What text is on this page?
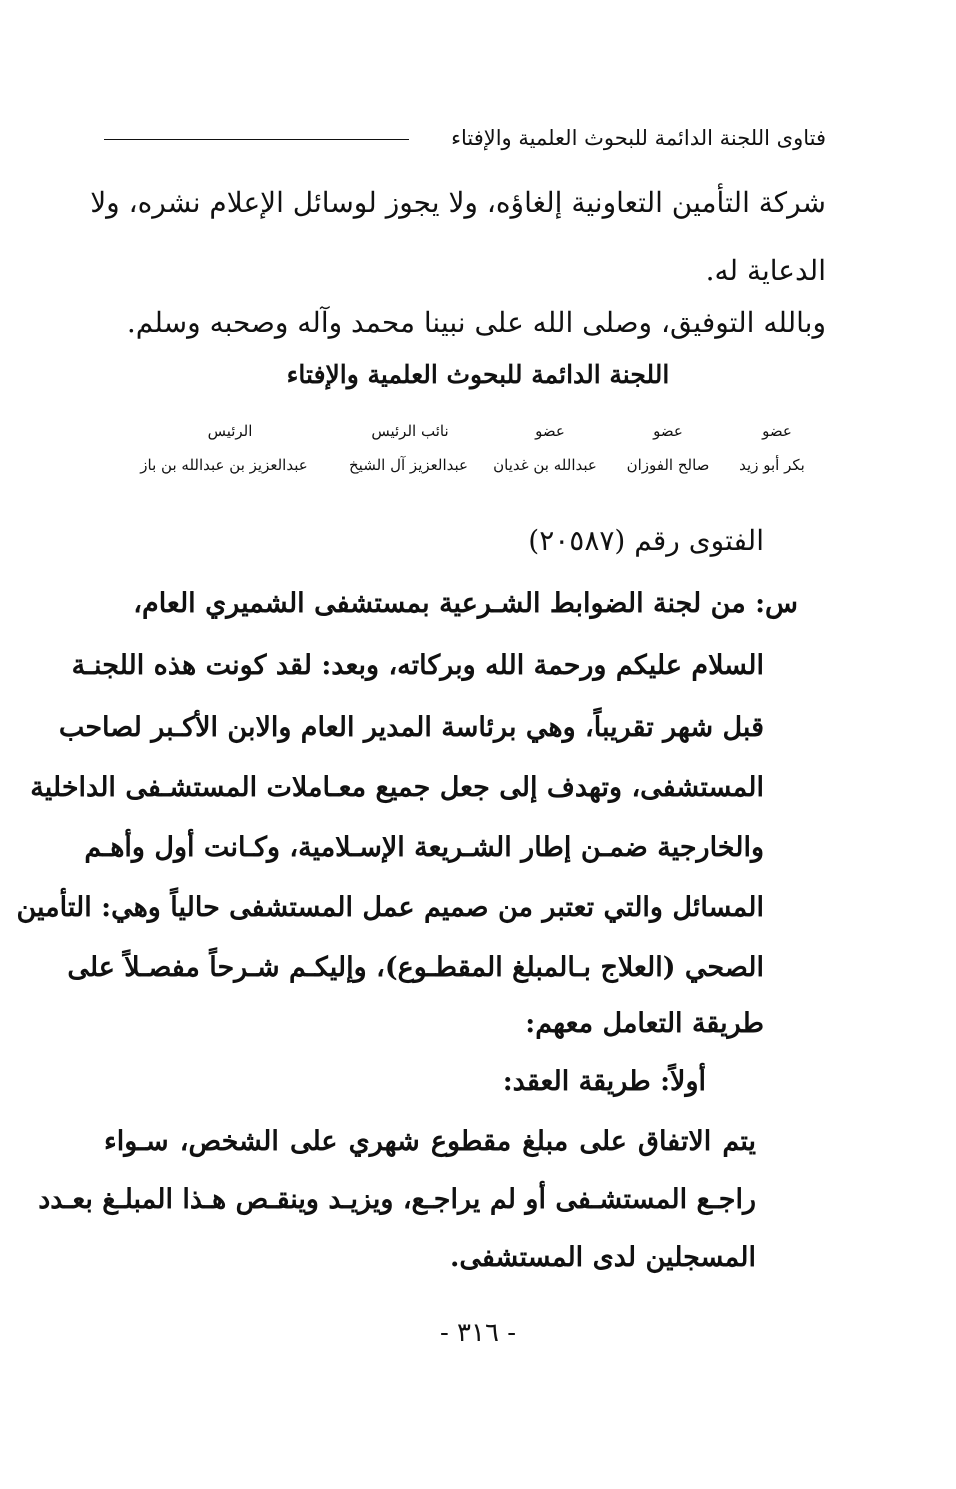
فتاوى اللجنة الدائمة للبحوث العلمية والإفتاء
شركة التأمين التعاونية إلغاؤه، ولا يجوز لوسائل الإعلام نشره، ولا
الدعاية له.
وبالله التوفيق، وصلى الله على نبينا محمد وآله وصحبه وسلم.
اللجنة الدائمة للبحوث العلمية والإفتاء
عضو
بكر أبو زيد
عضو
صالح الفوزان
عضو
عبدالله بن غديان
نائب الرئيس
عبدالعزيز آل الشيخ
الرئيس
عبدالعزيز بن عبدالله بن باز
الفتوى رقم (٢٠٥٨٧)
س: من لجنة الضوابط الشـرعية بمستشفى الشميري العام،
السلام عليكم ورحمة الله وبركاته، وبعد: لقد كونت هذه اللجنـة
قبل شهر تقريباً، وهي برئاسة المدير العام والابن الأكـبر لصاحب
المستشفى، وتهدف إلى جعل جميع معـاملات المستشـفى الداخلية
والخارجية ضمـن إطار الشـريعة الإسـلامية، وكـانت أول وأهـم
المسائل والتي تعتبر من صميم عمل المستشفى حالياً وهي: التأمين
الصحي (العلاج بـالمبلغ المقطـوع)، وإليكـم شـرحاً مفصـلاً على
طريقة التعامل معهم:
أولاً: طريقة العقد:
يتم الاتفاق على مبلغ مقطوع شهري على الشخص، سـواء
راجـع المستشـفى أو لم يراجـع، ويزيـد وينقـص هـذا المبلـغ بعـدد
المسجلين لدى المستشفى.
- ٣١٦ -
